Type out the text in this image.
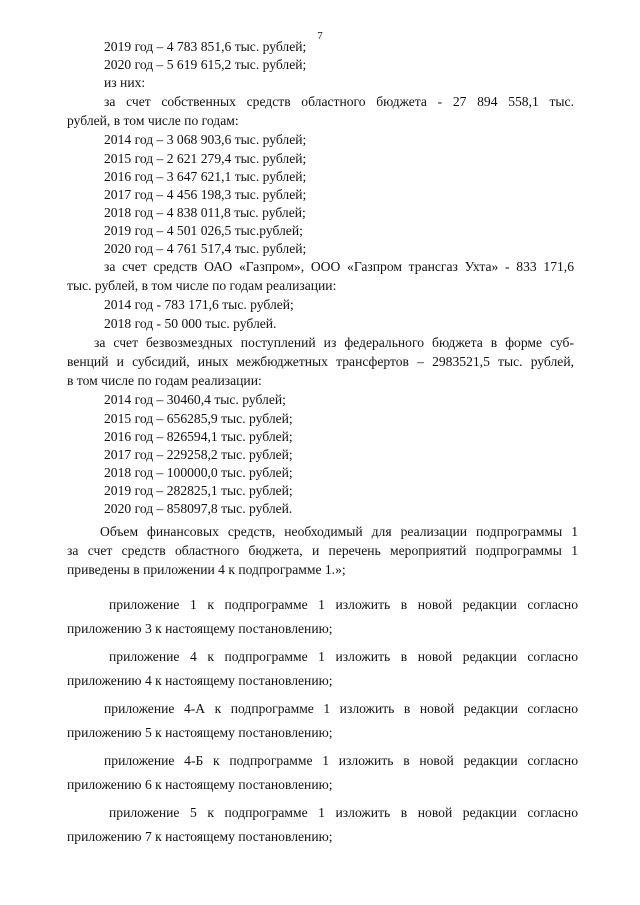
7
2019 год – 4 783 851,6 тыс. рублей;
2020 год – 5 619 615,2 тыс. рублей;
из них:
за счет собственных средств областного бюджета - 27 894 558,1 тыс.
рублей, в том числе по годам:
2014 год – 3 068 903,6 тыс. рублей;
2015 год – 2 621 279,4 тыс. рублей;
2016 год – 3 647 621,1 тыс. рублей;
2017 год – 4 456 198,3 тыс. рублей;
2018 год – 4 838 011,8 тыс. рублей;
2019 год – 4 501 026,5 тыс.рублей;
2020 год – 4 761 517,4 тыс. рублей;
за счет средств ОАО «Газпром», ООО «Газпром трансгаз Ухта» - 833 171,6
тыс. рублей, в том числе по годам реализации:
2014 год - 783 171,6 тыс. рублей;
2018 год - 50 000 тыс. рублей.
за счет безвозмездных поступлений из федерального бюджета в форме суб-
венций и субсидий, иных межбюджетных трансфертов – 2983521,5 тыс. рублей,
в том числе по годам реализации:
2014 год – 30460,4 тыс. рублей;
2015 год – 656285,9 тыс. рублей;
2016 год – 826594,1 тыс. рублей;
2017 год – 229258,2 тыс. рублей;
2018 год – 100000,0 тыс. рублей;
2019 год – 282825,1 тыс. рублей;
2020 год – 858097,8 тыс. рублей.
Объем финансовых средств, необходимый для реализации подпрограммы 1
за счет средств областного бюджета, и перечень мероприятий подпрограммы 1
приведены в приложении 4 к подпрограмме 1.»;
приложение 1 к подпрограмме 1 изложить в новой редакции согласно
приложению 3 к настоящему постановлению;
приложение 4 к подпрограмме 1 изложить в новой редакции согласно
приложению 4 к настоящему постановлению;
приложение 4-А к подпрограмме 1 изложить в новой редакции согласно
приложению 5 к настоящему постановлению;
приложение 4-Б к подпрограмме 1 изложить в новой редакции согласно
приложению 6 к настоящему постановлению;
приложение 5 к подпрограмме 1 изложить в новой редакции согласно
приложению 7 к настоящему постановлению;
